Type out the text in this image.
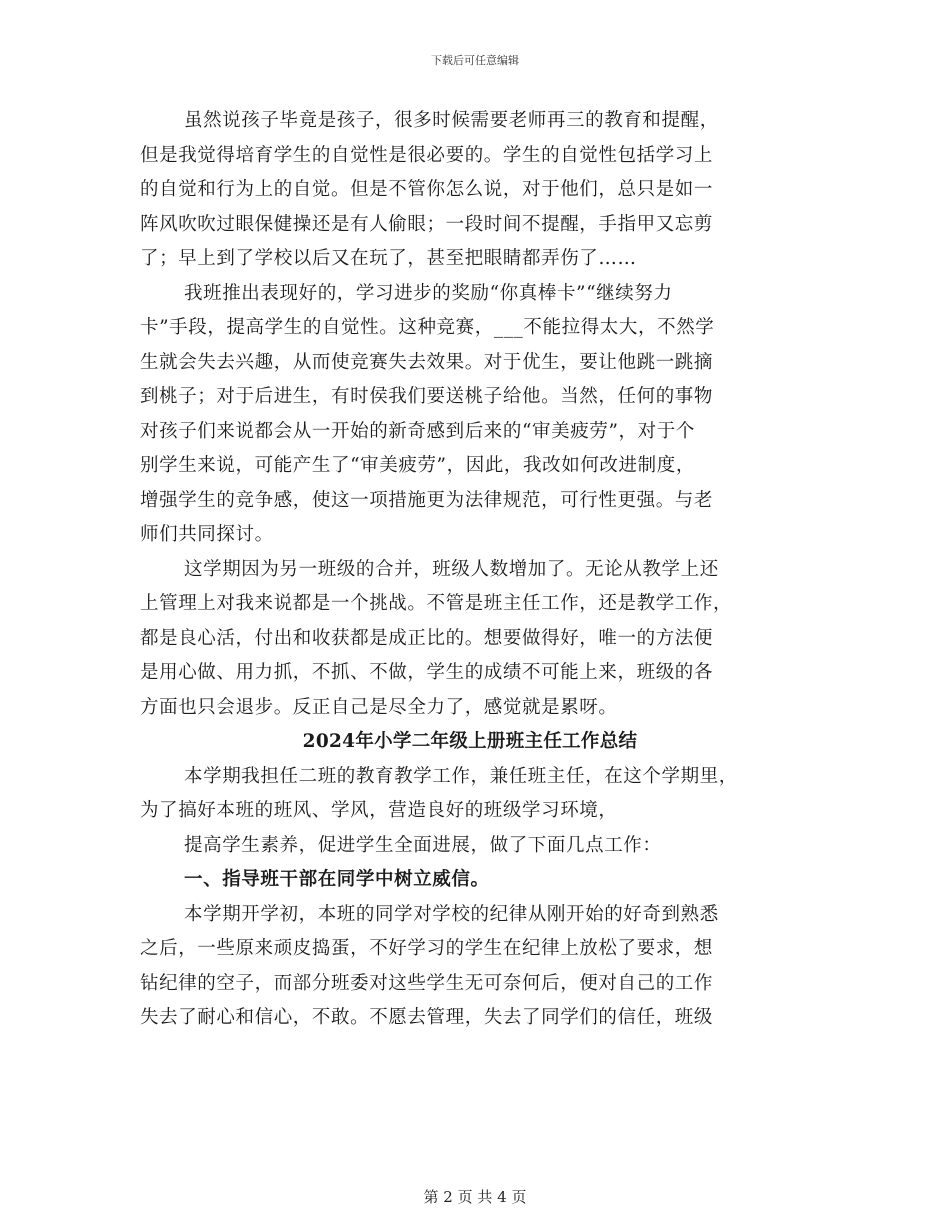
下载后可任意编辑
虽然说孩子毕竟是孩子，很多时候需要老师再三的教育和提醒，
但是我觉得培育学生的自觉性是很必要的。学生的自觉性包括学习上
的自觉和行为上的自觉。但是不管你怎么说，对于他们，总只是如一
阵风吹吹过眼保健操还是有人偷眼；一段时间不提醒，手指甲又忘剪
了；早上到了学校以后又在玩了，甚至把眼睛都弄伤了……
我班推出表现好的，学习进步的奖励“你真棒卡”“继续努力
卡”手段，提高学生的自觉性。这种竞赛，___不能拉得太大，不然学
生就会失去兴趣，从而使竞赛失去效果。对于优生，要让他跳一跳摘
到桃子；对于后进生，有时侯我们要送桃子给他。当然，任何的事物
对孩子们来说都会从一开始的新奇感到后来的“审美疲劳”，对于个
别学生来说，可能产生了“审美疲劳”，因此，我改如何改进制度，
增强学生的竞争感，使这一项措施更为法律规范，可行性更强。与老
师们共同探讨。
这学期因为另一班级的合并，班级人数增加了。无论从教学上还
上管理上对我来说都是一个挑战。不管是班主任工作，还是教学工作，
都是良心活，付出和收获都是成正比的。想要做得好，唯一的方法便
是用心做、用力抓，不抓、不做，学生的成绩不可能上来，班级的各
方面也只会退步。反正自己是尽全力了，感觉就是累呀。
2024年小学二年级上册班主任工作总结
本学期我担任二班的教育教学工作，兼任班主任，在这个学期里，
为了搞好本班的班风、学风，营造良好的班级学习环境，
提高学生素养，促进学生全面进展，做了下面几点工作：
一、指导班干部在同学中树立威信。
本学期开学初，本班的同学对学校的纪律从刚开始的好奇到熟悉
之后，一些原来顽皮捣蛋，不好学习的学生在纪律上放松了要求，想
钻纪律的空子，而部分班委对这些学生无可奈何后，便对自己的工作
失去了耐心和信心，不敢。不愿去管理，失去了同学们的信任，班级
第 2 页 共 4 页
